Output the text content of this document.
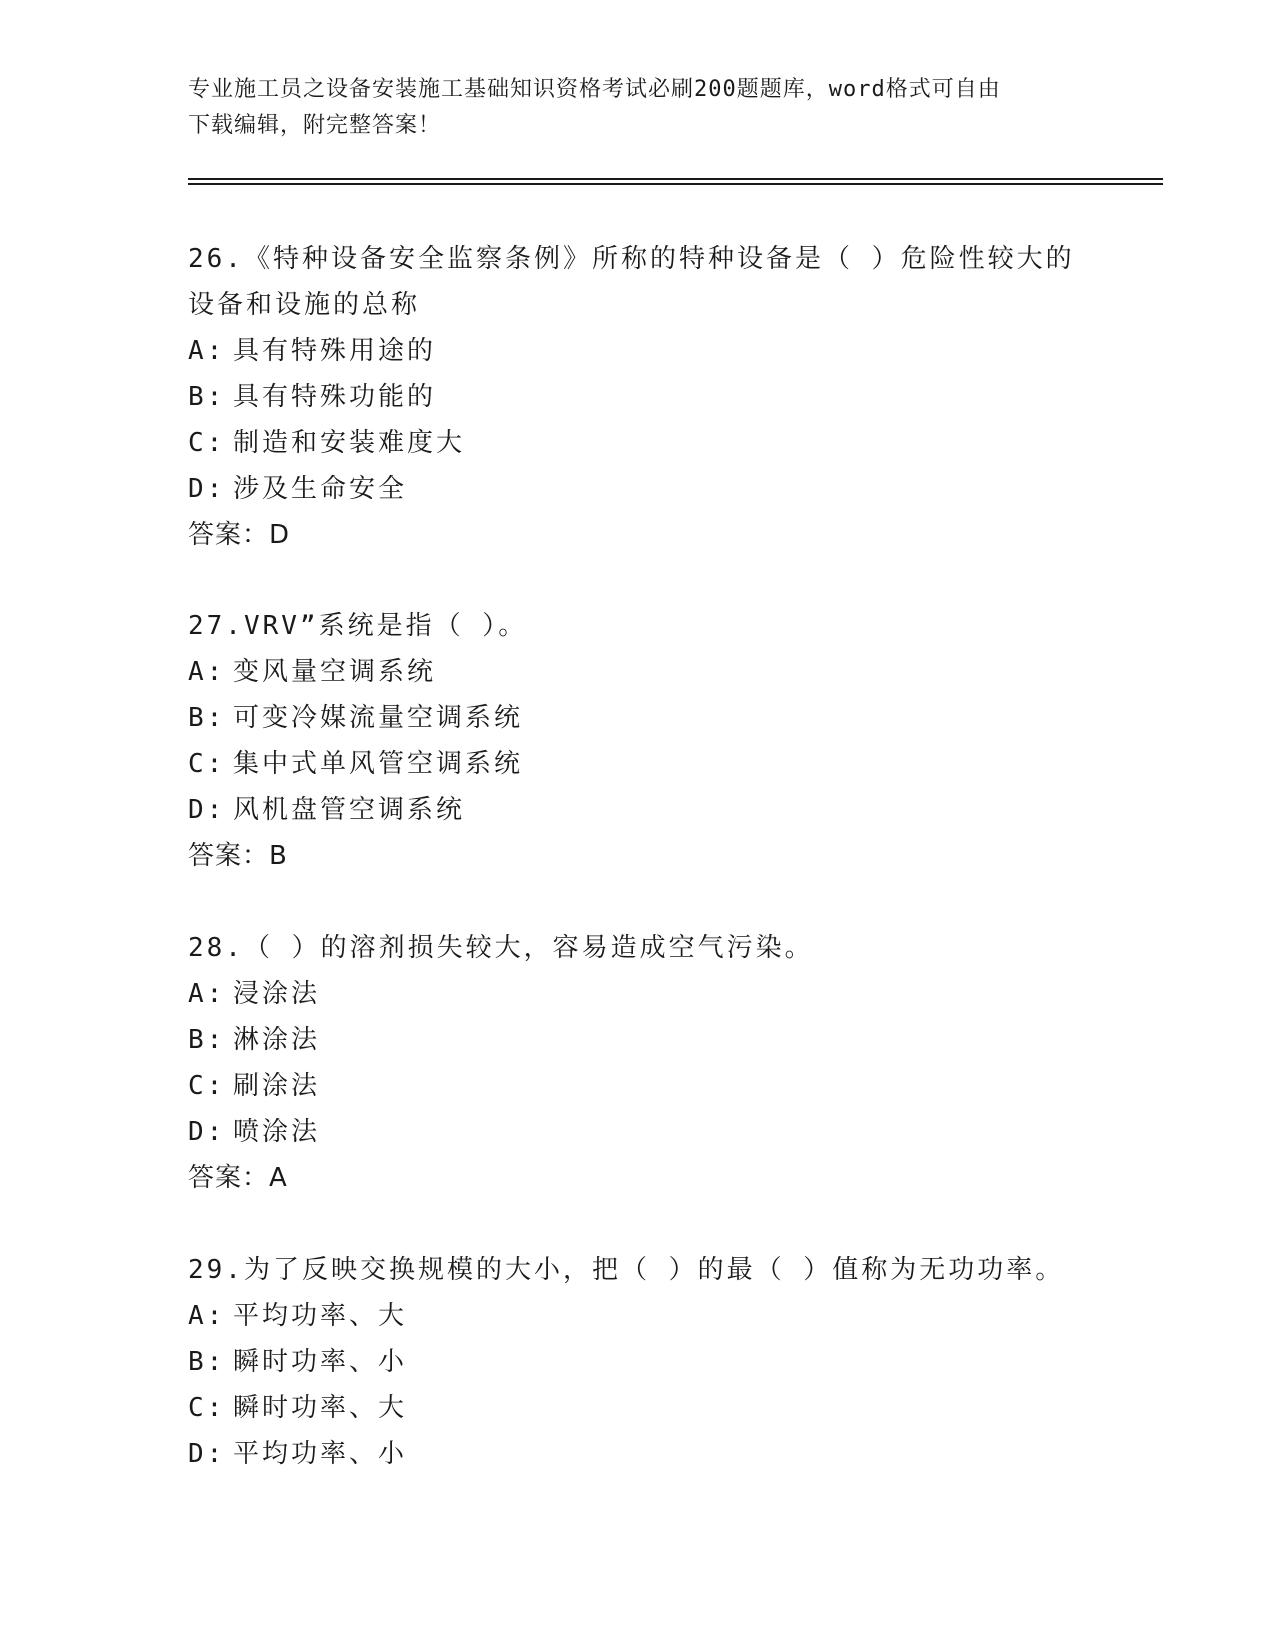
专业施工员之设备安装施工基础知识资格考试必刷200题题库，word格式可自由
下载编辑，附完整答案！

26.《特种设备安全监察条例》所称的特种设备是（ ）危险性较大的

设备和设施的总称

A: 具有特殊用途的

B: 具有特殊功能的

C: 制造和安装难度大

D: 涉及生命安全

答案：D

27.VRV”系统是指（ ）。

A: 变风量空调系统

B: 可变冷媒流量空调系统

C: 集中式单风管空调系统

D: 风机盘管空调系统

答案：B

28.（ ）的溶剂损失较大，容易造成空气污染。

A: 浸涂法

B: 淋涂法

C: 刷涂法

D: 喷涂法

答案：A

29.为了反映交换规模的大小，把（ ）的最（ ）值称为无功功率。

A: 平均功率、大

B: 瞬时功率、小

C: 瞬时功率、大

D: 平均功率、小
